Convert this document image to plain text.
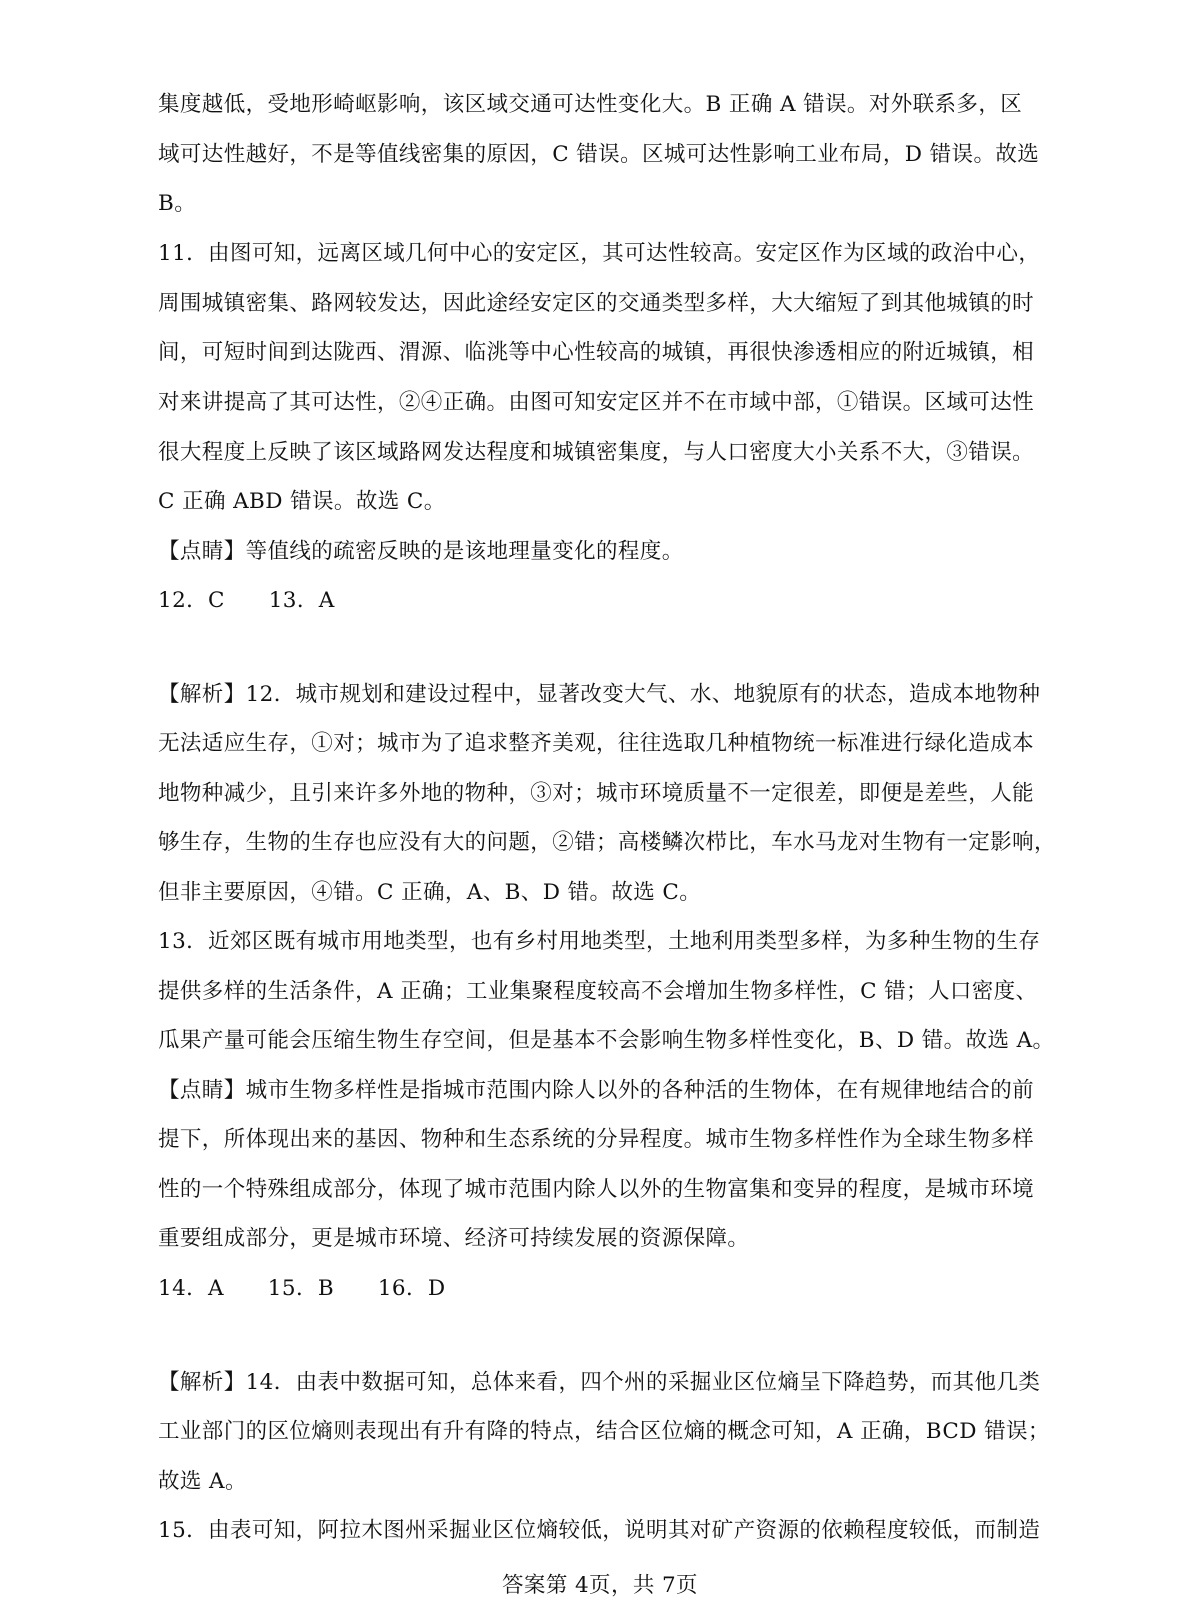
集度越低，受地形崎岖影响，该区域交通可达性变化大。B 正确 A 错误。对外联系多，区
域可达性越好，不是等值线密集的原因，C 错误。区城可达性影响工业布局，D 错误。故选
B。
11．由图可知，远离区域几何中心的安定区，其可达性较高。安定区作为区域的政治中心，
周围城镇密集、路网较发达，因此途经安定区的交通类型多样，大大缩短了到其他城镇的时
间，可短时间到达陇西、渭源、临洮等中心性较高的城镇，再很快渗透相应的附近城镇，相
对来讲提高了其可达性，②④正确。由图可知安定区并不在市域中部，①错误。区域可达性
很大程度上反映了该区域路网发达程度和城镇密集度，与人口密度大小关系不大，③错误。
C 正确 ABD 错误。故选 C。
【点睛】等值线的疏密反映的是该地理量变化的程度。
12．C　　13．A
【解析】12．城市规划和建设过程中，显著改变大气、水、地貌原有的状态，造成本地物种
无法适应生存，①对；城市为了追求整齐美观，往往选取几种植物统一标准进行绿化造成本
地物种减少，且引来许多外地的物种，③对；城市环境质量不一定很差，即便是差些，人能
够生存，生物的生存也应没有大的问题，②错；高楼鳞次栉比，车水马龙对生物有一定影响，
但非主要原因，④错。C 正确，A、B、D 错。故选 C。
13．近郊区既有城市用地类型，也有乡村用地类型，土地利用类型多样，为多种生物的生存
提供多样的生活条件，A 正确；工业集聚程度较高不会增加生物多样性，C 错；人口密度、
瓜果产量可能会压缩生物生存空间，但是基本不会影响生物多样性变化，B、D 错。故选 A。
【点睛】城市生物多样性是指城市范围内除人以外的各种活的生物体，在有规律地结合的前
提下，所体现出来的基因、物种和生态系统的分异程度。城市生物多样性作为全球生物多样
性的一个特殊组成部分，体现了城市范围内除人以外的生物富集和变异的程度，是城市环境
重要组成部分，更是城市环境、经济可持续发展的资源保障。
14．A　　15．B　　16．D
【解析】14．由表中数据可知，总体来看，四个州的采掘业区位熵呈下降趋势，而其他几类
工业部门的区位熵则表现出有升有降的特点，结合区位熵的概念可知，A 正确，BCD 错误；
故选 A。
15．由表可知，阿拉木图州采掘业区位熵较低，说明其对矿产资源的依赖程度较低，而制造
答案第 4页，共 7页
